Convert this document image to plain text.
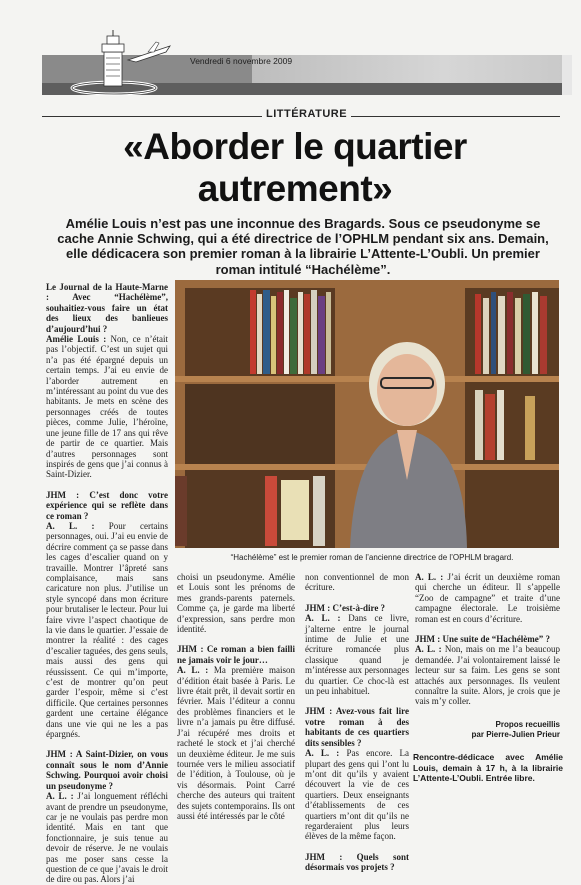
Vendredi 6 novembre 2009
LITTÉRATURE
«Aborder le quartier
autrement»
Amélie Louis n’est pas une inconnue des Bragards. Sous ce pseudonyme se cache Annie Schwing, qui a été directrice de l’OPHLM pendant six ans. Demain, elle dédicacera son premier roman à la librairie L’Attente-L’Oubli. Un premier roman intitulé “Hachélème”.

Le Journal de la Haute-Marne : Avec “Hachélème”, souhaitiez-vous faire un état des lieux des banlieues d’aujourd’hui ?

Amélie Louis : Non, ce n’était pas l’objectif. C’est un sujet qui n’a pas été épargné depuis un certain temps. J’ai eu envie de l’aborder autrement en m’intéressant au point du vue des habitants. Je mets en scène des personnages créés de toutes pièces, comme Julie, l’héroïne, une jeune fille de 17 ans qui rêve de partir de ce quartier. Mais d’autres personnages sont inspirés de gens que j’ai connus à Saint-Dizier.

JHM : C’est donc votre expérience qui se reflète dans ce roman ?

A. L. : Pour certains personnages, oui. J’ai eu envie de décrire comment ça se passe dans les cages d’escalier quand on y travaille. Montrer l’âpreté sans complaisance, mais sans caricature non plus. J’utilise un style syncopé dans mon écriture pour brutaliser le lecteur. Pour lui faire vivre l’aspect chaotique de la vie dans le quartier. J’essaie de montrer la réalité : des cages d’escalier taguées, des gens seuls, mais aussi des gens qui réussissent. Ce qui m’importe, c’est de montrer qu’on peut garder l’espoir, même si c’est difficile. Que certaines personnes gardent une certaine élégance dans une vie qui ne les a pas épargnés.

JHM : A Saint-Dizier, on vous connaît sous le nom d’Annie Schwing. Pourquoi avoir choisi un pseudonyme ?

A. L. : J’ai longuement réfléchi avant de prendre un pseudonyme, car je ne voulais pas perdre mon identité. Mais en tant que fonctionnaire, je suis tenue au devoir de réserve. Je ne voulais pas me poser sans cesse la question de ce que j’avais le droit de dire ou pas. Alors j’ai

“Hachélème” est le premier roman de l’ancienne directrice de l’OPHLM bragard.

choisi un pseudonyme. Amélie et Louis sont les prénoms de mes grands-parents paternels. Comme ça, je garde ma liberté d’expression, sans perdre mon identité.

JHM : Ce roman a bien failli ne jamais voir le jour…

A. L. : Ma première maison d’édition était basée à Paris. Le livre était prêt, il devait sortir en février. Mais l’éditeur a connu des problèmes financiers et le livre n’a jamais pu être diffusé. J’ai récupéré mes droits et racheté le stock et j’ai cherché un deuxième éditeur. Je me suis tournée vers le milieu associatif de l’édition, à Toulouse, où je vis désormais. Point Carré cherche des auteurs qui traitent des sujets contemporains. Ils ont aussi été intéressés par le côté

non conventionnel de mon écriture.

JHM : C’est-à-dire ?

A. L. : Dans ce livre, j’alterne entre le journal intime de Julie et une écriture romancée plus classique quand je m’intéresse aux personnages du quartier. Ce choc-là est un peu inhabituel.

JHM : Avez-vous fait lire votre roman à des habitants de ces quartiers dits sensibles ?

A. L. : Pas encore. La plupart des gens qui l’ont lu m’ont dit qu’ils y avaient découvert la vie de ces quartiers. Deux enseignants d’établissements de ces quartiers m’ont dit qu’ils ne regarderaient plus leurs élèves de la même façon.

JHM : Quels sont désormais vos projets ?

A. L. : J’ai écrit un deuxième roman qui cherche un éditeur. Il s’appelle “Zoo de campagne” et traite d’une campagne électorale. Le troisième roman est en cours d’écriture.

JHM : Une suite de “Hachélème” ?

A. L. : Non, mais on me l’a beaucoup demandée. J’ai volontairement laissé le lecteur sur sa faim. Les gens se sont attachés aux personnages. Ils veulent connaître la suite. Alors, je crois que je vais m’y coller.

Propos recueillis
par Pierre-Julien Prieur
Rencontre-dédicace avec Amélie Louis, demain à 17 h, à la librairie L’Attente-L’Oubli. Entrée libre.
